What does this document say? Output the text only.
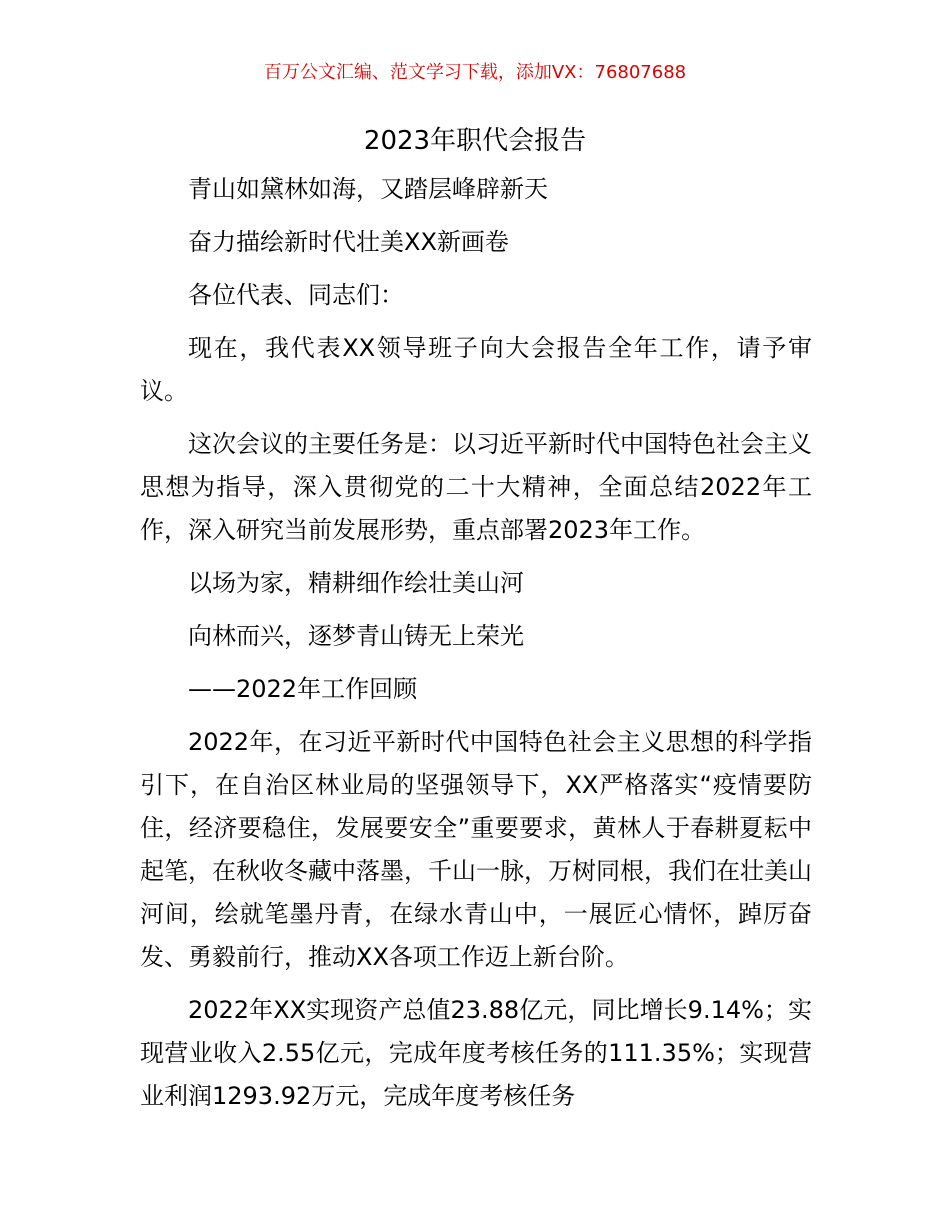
百万公文汇编、范文学习下载，添加VX：76807688
2023年职代会报告

青山如黛林如海，又踏层峰辟新天

奋力描绘新时代壮美XX新画卷

各位代表、同志们：

现在，我代表XX领导班子向大会报告全年工作，请予审议。

这次会议的主要任务是：以习近平新时代中国特色社会主义思想为指导，深入贯彻党的二十大精神，全面总结2022年工作，深入研究当前发展形势，重点部署2023年工作。

以场为家，精耕细作绘壮美山河

向林而兴，逐梦青山铸无上荣光

——2022年工作回顾

2022年，在习近平新时代中国特色社会主义思想的科学指引下，在自治区林业局的坚强领导下，XX严格落实“疫情要防住，经济要稳住，发展要安全”重要要求，黄林人于春耕夏耘中起笔，在秋收冬藏中落墨，千山一脉，万树同根，我们在壮美山河间，绘就笔墨丹青，在绿水青山中，一展匠心情怀，踔厉奋发、勇毅前行，推动XX各项工作迈上新台阶。

2022年XX实现资产总值23.88亿元，同比增长9.14%；实现营业收入2.55亿元，完成年度考核任务的111.35%；实现营业利润1293.92万元，完成年度考核任务
